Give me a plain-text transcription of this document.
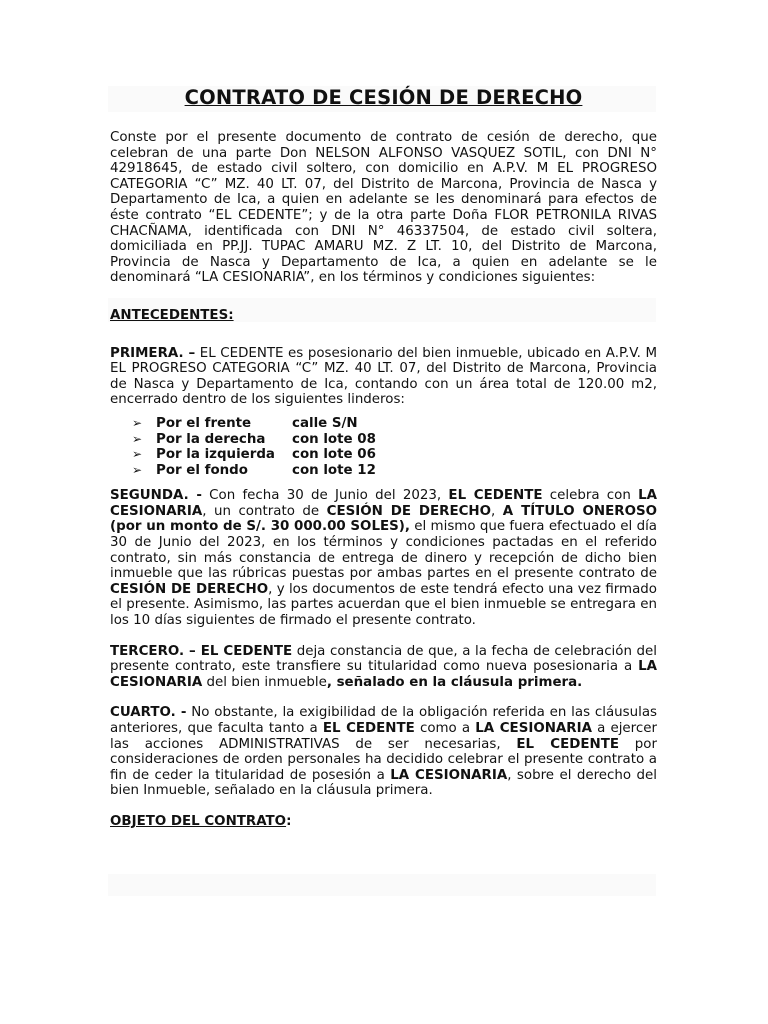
CONTRATO DE CESIÓN DE DERECHO

Conste por el presente documento de contrato de cesión de derecho, que celebran de una parte Don NELSON ALFONSO VASQUEZ SOTIL, con DNI N° 42918645, de estado civil soltero, con domicilio en A.P.V. M EL PROGRESO CATEGORIA “C” MZ. 40 LT. 07, del Distrito de Marcona, Provincia de Nasca y Departamento de Ica, a quien en adelante se les denominará para efectos de éste contrato “EL CEDENTE”; y de la otra parte Doña FLOR PETRONILA RIVAS CHACÑAMA, identificada con DNI N° 46337504, de estado civil soltera, domiciliada en PP.JJ. TUPAC AMARU MZ. Z LT. 10, del Distrito de Marcona, Provincia de Nasca y Departamento de Ica, a quien en adelante se le denominará “LA CESIONARIA”, en los términos y condiciones siguientes:

ANTECEDENTES:

PRIMERA. – EL CEDENTE es posesionario del bien inmueble, ubicado en A.P.V. M EL PROGRESO CATEGORIA “C” MZ. 40 LT. 07, del Distrito de Marcona, Provincia de Nasca y Departamento de Ica, contando con un área total de 120.00 m2, encerrado dentro de los siguientes linderos:

➢	Por el frente	calle S/N
➢	Por la derecha	con lote 08
➢	Por la izquierda	con lote 06
➢	Por el fondo	con lote 12

SEGUNDA. - Con fecha 30 de Junio del 2023, EL CEDENTE celebra con LA CESIONARIA, un contrato de CESIÓN DE DERECHO, A TÍTULO ONEROSO (por un monto de S/. 30 000.00 SOLES), el mismo que fuera efectuado el día 30 de Junio del 2023, en los términos y condiciones pactadas en el referido contrato, sin más constancia de entrega de dinero y recepción de dicho bien inmueble que las rúbricas puestas por ambas partes en el presente contrato de CESIÓN DE DERECHO, y los documentos de este tendrá efecto una vez firmado el presente. Asimismo, las partes acuerdan que el bien inmueble se entregara en los 10 días siguientes de firmado el presente contrato.

TERCERO. – EL CEDENTE deja constancia de que, a la fecha de celebración del presente contrato, este transfiere su titularidad como nueva posesionaria a LA CESIONARIA del bien inmueble, señalado en la cláusula primera.

CUARTO. - No obstante, la exigibilidad de la obligación referida en las cláusulas anteriores, que faculta tanto a EL CEDENTE como a LA CESIONARIA a ejercer las acciones ADMINISTRATIVAS de ser necesarias, EL CEDENTE por consideraciones de orden personales ha decidido celebrar el presente contrato a fin de ceder la titularidad de posesión a LA CESIONARIA, sobre el derecho del bien Inmueble, señalado en la cláusula primera.

OBJETO DEL CONTRATO:
